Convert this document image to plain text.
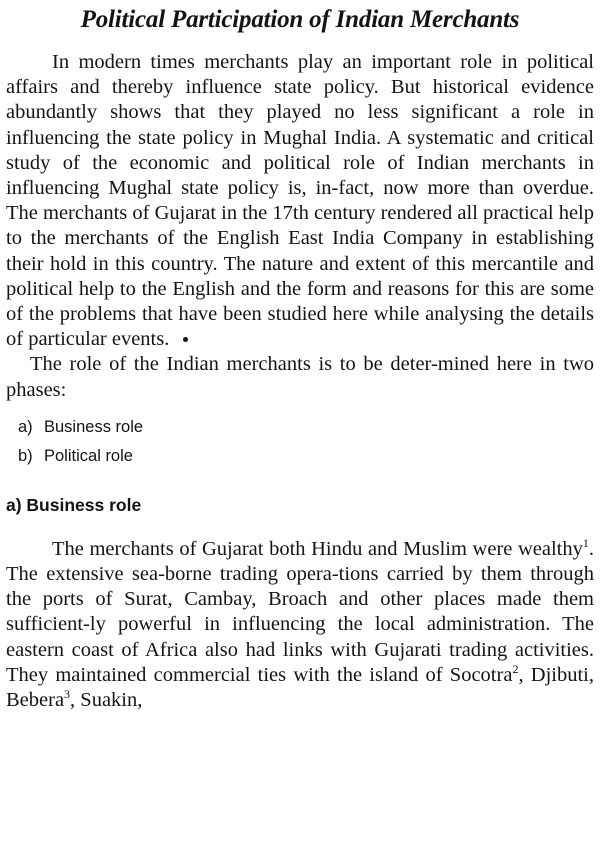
Political Participation of Indian Merchants

In modern times merchants play an important role in political affairs and thereby influence state policy. But historical evidence abundantly shows that they played no less significant a role in influencing the state policy in Mughal India. A systematic and critical study of the economic and political role of Indian merchants in influencing Mughal state policy is, in-fact, now more than overdue. The merchants of Gujarat in the 17th century rendered all practical help to the merchants of the English East India Company in establishing their hold in this country. The nature and extent of this mercantile and political help to the English and the form and reasons for this are some of the problems that have been studied here while analysing the details of particular events.

The role of the Indian merchants is to be deter-mined here in two phases:

a) Business role
b) Political role
a) Business role

The merchants of Gujarat both Hindu and Muslim were wealthy$^1$. The extensive sea-borne trading opera-tions carried by them through the ports of Surat, Cambay, Broach and other places made them sufficient-ly powerful in influencing the local administration. The eastern coast of Africa also had links with Gujarati trading activities. They maintained commercial ties with the island of Socotra$^2$, Djibuti, Bebera$^3$, Suakin,
